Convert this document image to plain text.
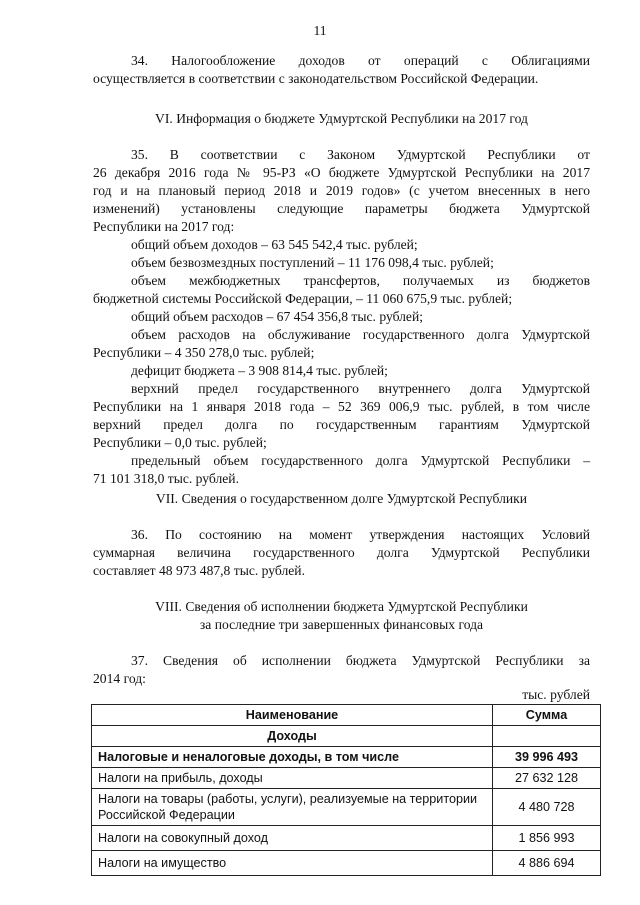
11
34. Налогообложение доходов от операций с Облигациями
осуществляется в соответствии с законодательством Российской Федерации.
VI. Информация о бюджете Удмуртской Республики на 2017 год
35. В соответствии с Законом Удмуртской Республики от
26 декабря 2016 года № 95-РЗ «О бюджете Удмуртской Республики на 2017
год и на плановый период 2018 и 2019 годов» (с учетом внесенных в него
изменений) установлены следующие параметры бюджета Удмуртской
Республики на 2017 год:
общий объем доходов – 63 545 542,4 тыс. рублей;
объем безвозмездных поступлений – 11 176 098,4 тыс. рублей;
объем межбюджетных трансфертов, получаемых из бюджетов
бюджетной системы Российской Федерации, – 11 060 675,9 тыс. рублей;
общий объем расходов – 67 454 356,8 тыс. рублей;
объем расходов на обслуживание государственного долга Удмуртской
Республики – 4 350 278,0 тыс. рублей;
дефицит бюджета – 3 908 814,4 тыс. рублей;
верхний предел государственного внутреннего долга Удмуртской
Республики на 1 января 2018 года – 52 369 006,9 тыс. рублей, в том числе
верхний предел долга по государственным гарантиям Удмуртской
Республики – 0,0 тыс. рублей;
предельный объем государственного долга Удмуртской Республики –
71 101 318,0 тыс. рублей.
VII. Сведения о государственном долге Удмуртской Республики
36. По состоянию на момент утверждения настоящих Условий
суммарная величина государственного долга Удмуртской Республики
составляет 48 973 487,8 тыс. рублей.
VIII. Сведения об исполнении бюджета Удмуртской Республики
за последние три завершенных финансовых года
37. Сведения об исполнении бюджета Удмуртской Республики за
2014 год:
тыс. рублей
Наименование	Сумма
Доходы	
Налоговые и неналоговые доходы, в том числе	39 996 493
Налоги на прибыль, доходы	27 632 128
Налоги на товары (работы, услуги), реализуемые на территории Российской Федерации	4 480 728
Налоги на совокупный доход	1 856 993
Налоги на имущество	4 886 694
